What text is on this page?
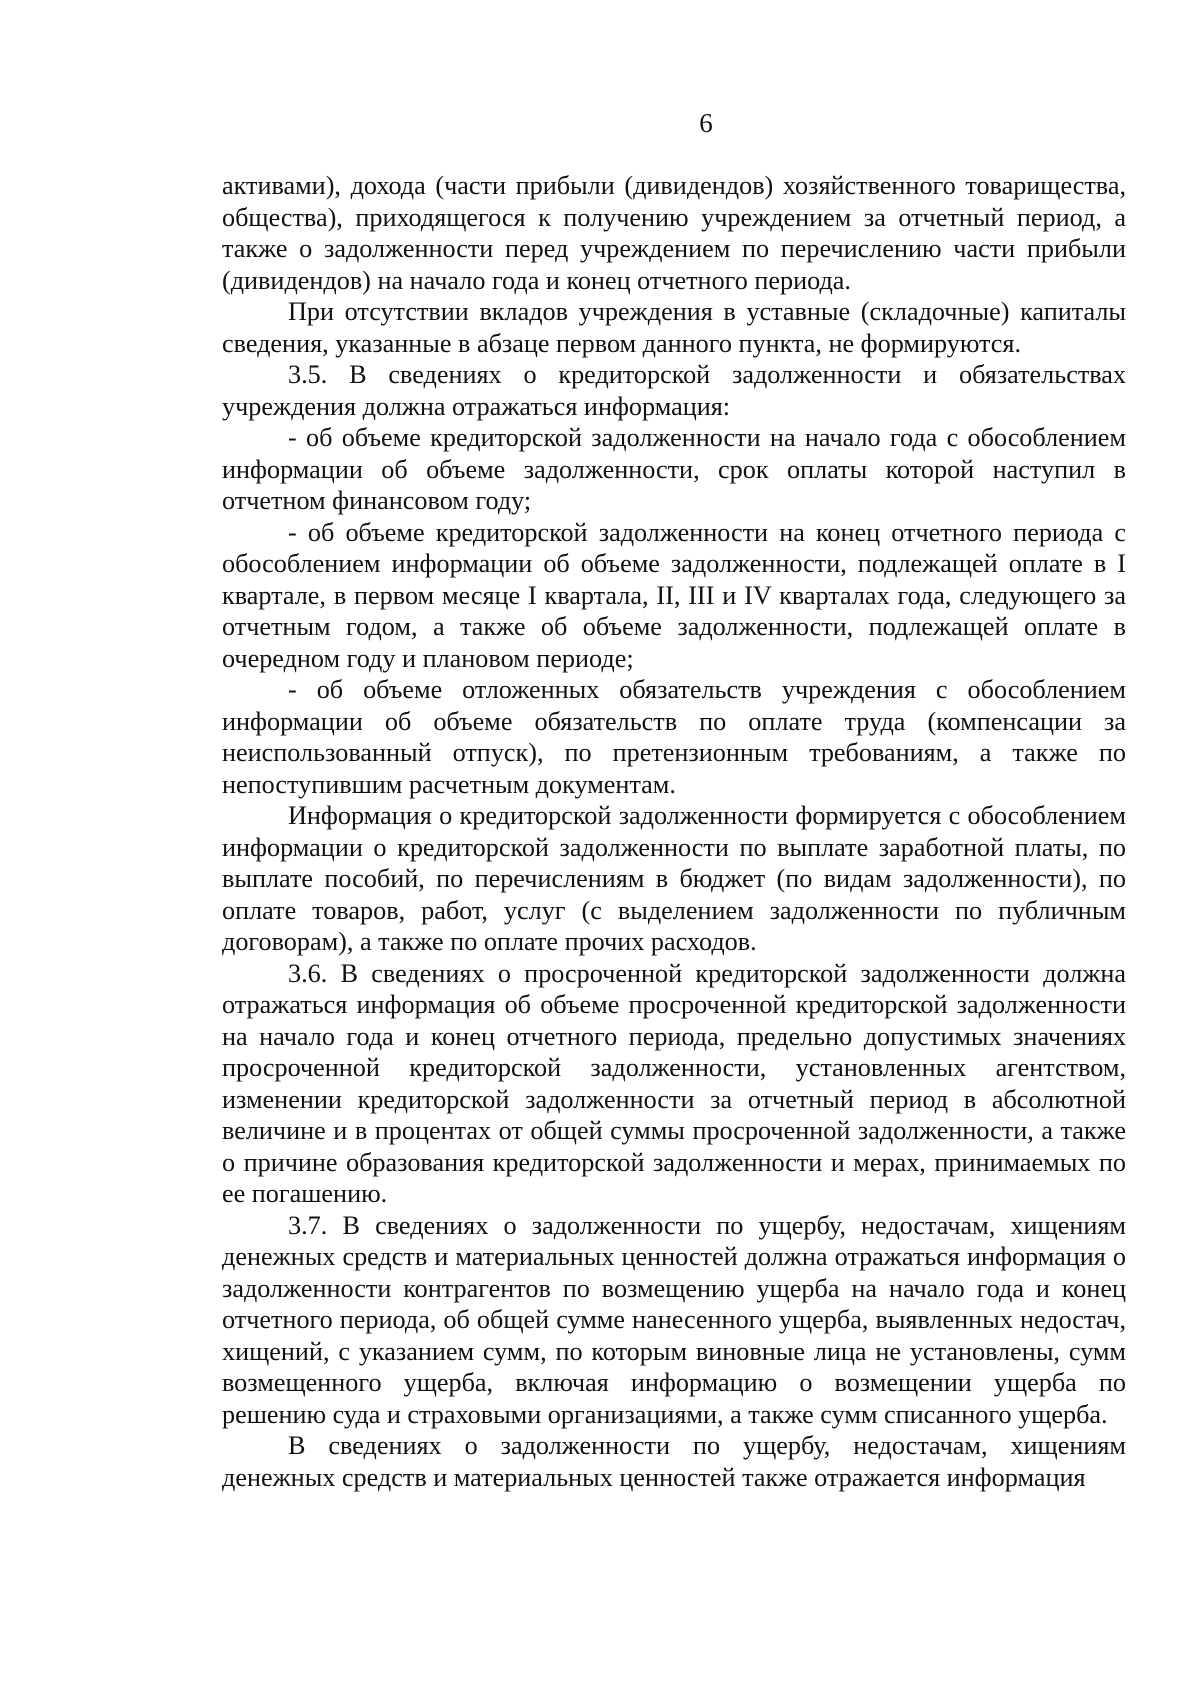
6

активами), дохода (части прибыли (дивидендов) хозяйственного товарищества, общества), приходящегося к получению учреждением за отчетный период, а также о задолженности перед учреждением по перечислению части прибыли (дивидендов) на начало года и конец отчетного периода.

При отсутствии вкладов учреждения в уставные (складочные) капиталы сведения, указанные в абзаце первом данного пункта, не формируются.

3.5. В сведениях о кредиторской задолженности и обязательствах учреждения должна отражаться информация:

- об объеме кредиторской задолженности на начало года с обособлением информации об объеме задолженности, срок оплаты которой наступил в отчетном финансовом году;

- об объеме кредиторской задолженности на конец отчетного периода с обособлением информации об объеме задолженности, подлежащей оплате в I квартале, в первом месяце I квартала, II, III и IV кварталах года, следующего за отчетным годом, а также об объеме задолженности, подлежащей оплате в очередном году и плановом периоде;

- об объеме отложенных обязательств учреждения с обособлением информации об объеме обязательств по оплате труда (компенсации за неиспользованный отпуск), по претензионным требованиям, а также по непоступившим расчетным документам.

Информация о кредиторской задолженности формируется с обособлением информации о кредиторской задолженности по выплате заработной платы, по выплате пособий, по перечислениям в бюджет (по видам задолженности), по оплате товаров, работ, услуг (с выделением задолженности по публичным договорам), а также по оплате прочих расходов.

3.6. В сведениях о просроченной кредиторской задолженности должна отражаться информация об объеме просроченной кредиторской задолженности на начало года и конец отчетного периода, предельно допустимых значениях просроченной кредиторской задолженности, установленных агентством, изменении кредиторской задолженности за отчетный период в абсолютной величине и в процентах от общей суммы просроченной задолженности, а также о причине образования кредиторской задолженности и мерах, принимаемых по ее погашению.

3.7. В сведениях о задолженности по ущербу, недостачам, хищениям денежных средств и материальных ценностей должна отражаться информация о задолженности контрагентов по возмещению ущерба на начало года и конец отчетного периода, об общей сумме нанесенного ущерба, выявленных недостач, хищений, с указанием сумм, по которым виновные лица не установлены, сумм возмещенного ущерба, включая информацию о возмещении ущерба по решению суда и страховыми организациями, а также сумм списанного ущерба.

В сведениях о задолженности по ущербу, недостачам, хищениям денежных средств и материальных ценностей также отражается информация
